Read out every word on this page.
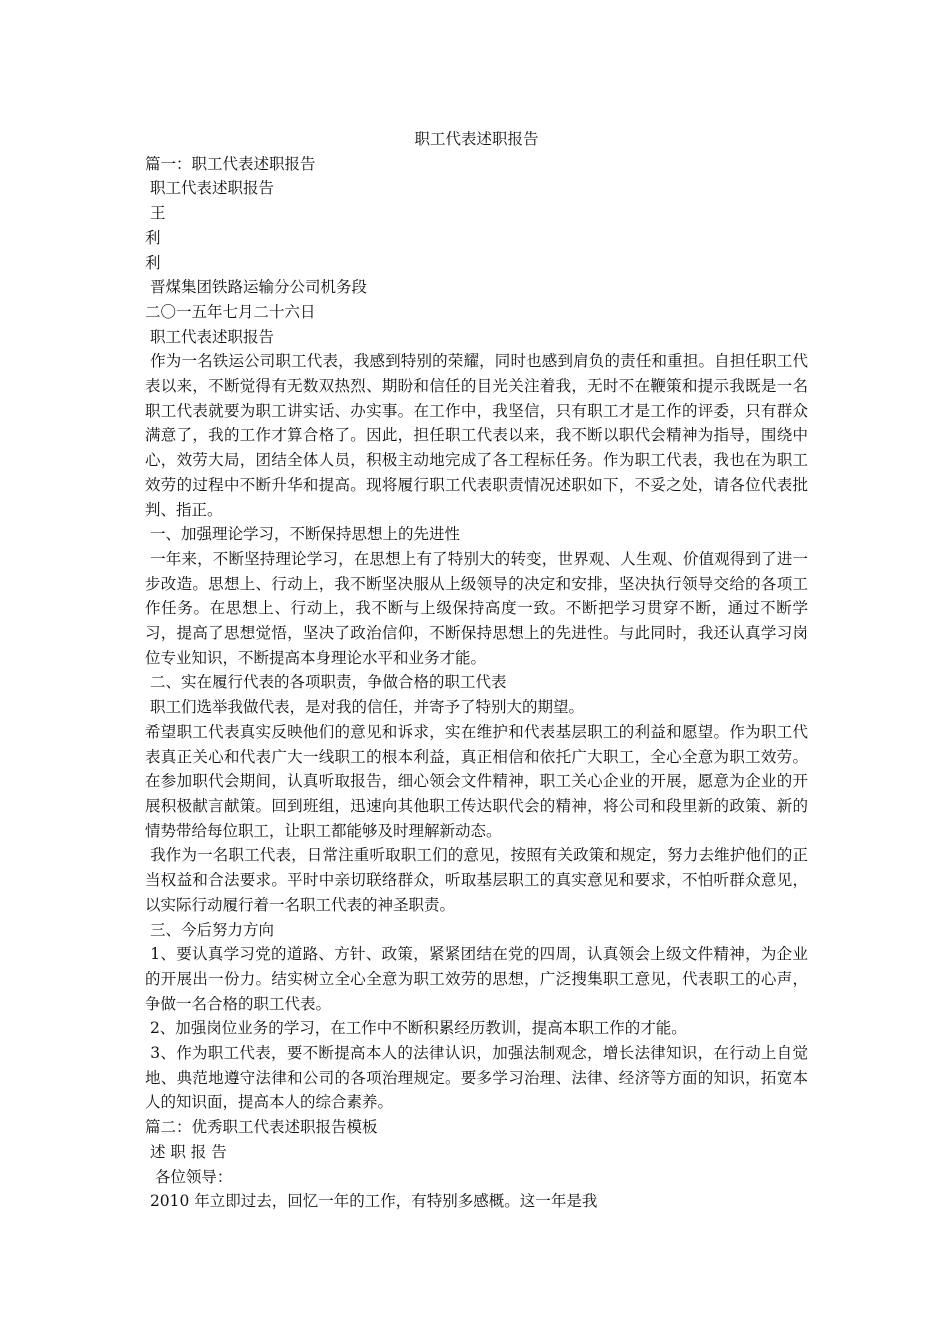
职工代表述职报告

篇一：职工代表述职报告

职工代表述职报告

王

利

利

晋煤集团铁路运输分公司机务段

二〇一五年七月二十六日

职工代表述职报告

作为一名铁运公司职工代表，我感到特别的荣耀，同时也感到肩负的责任和重担。自担任职工代表以来，不断觉得有无数双热烈、期盼和信任的目光关注着我，无时不在鞭策和提示我既是一名职工代表就要为职工讲实话、办实事。在工作中，我坚信，只有职工才是工作的评委，只有群众满意了，我的工作才算合格了。因此，担任职工代表以来，我不断以职代会精神为指导，围绕中心，效劳大局，团结全体人员，积极主动地完成了各工程标任务。作为职工代表，我也在为职工效劳的过程中不断升华和提高。现将履行职工代表职责情况述职如下，不妥之处，请各位代表批判、指正。

一、加强理论学习，不断保持思想上的先进性

一年来，不断坚持理论学习，在思想上有了特别大的转变，世界观、人生观、价值观得到了进一步改造。思想上、行动上，我不断坚决服从上级领导的决定和安排，坚决执行领导交给的各项工作任务。在思想上、行动上，我不断与上级保持高度一致。不断把学习贯穿不断，通过不断学习，提高了思想觉悟，坚决了政治信仰，不断保持思想上的先进性。与此同时，我还认真学习岗位专业知识，不断提高本身理论水平和业务才能。

二、实在履行代表的各项职责，争做合格的职工代表

职工们选举我做代表，是对我的信任，并寄予了特别大的期望。

希望职工代表真实反映他们的意见和诉求，实在维护和代表基层职工的利益和愿望。作为职工代表真正关心和代表广大一线职工的根本利益，真正相信和依托广大职工，全心全意为职工效劳。在参加职代会期间，认真听取报告，细心领会文件精神，职工关心企业的开展，愿意为企业的开展积极献言献策。回到班组，迅速向其他职工传达职代会的精神，将公司和段里新的政策、新的情势带给每位职工，让职工都能够及时理解新动态。

我作为一名职工代表，日常注重听取职工们的意见，按照有关政策和规定，努力去维护他们的正当权益和合法要求。平时中亲切联络群众，听取基层职工的真实意见和要求，不怕听群众意见，以实际行动履行着一名职工代表的神圣职责。

三、今后努力方向

1、要认真学习党的道路、方针、政策，紧紧团结在党的四周，认真领会上级文件精神，为企业的开展出一份力。结实树立全心全意为职工效劳的思想，广泛搜集职工意见，代表职工的心声，争做一名合格的职工代表。

2、加强岗位业务的学习，在工作中不断积累经历教训，提高本职工作的才能。

3、作为职工代表，要不断提高本人的法律认识，加强法制观念，增长法律知识，在行动上自觉地、典范地遵守法律和公司的各项治理规定。要多学习治理、法律、经济等方面的知识，拓宽本人的知识面，提高本人的综合素养。

篇二：优秀职工代表述职报告模板

述 职 报 告

各位领导：

2010 年立即过去，回忆一年的工作，有特别多感概。这一年是我
